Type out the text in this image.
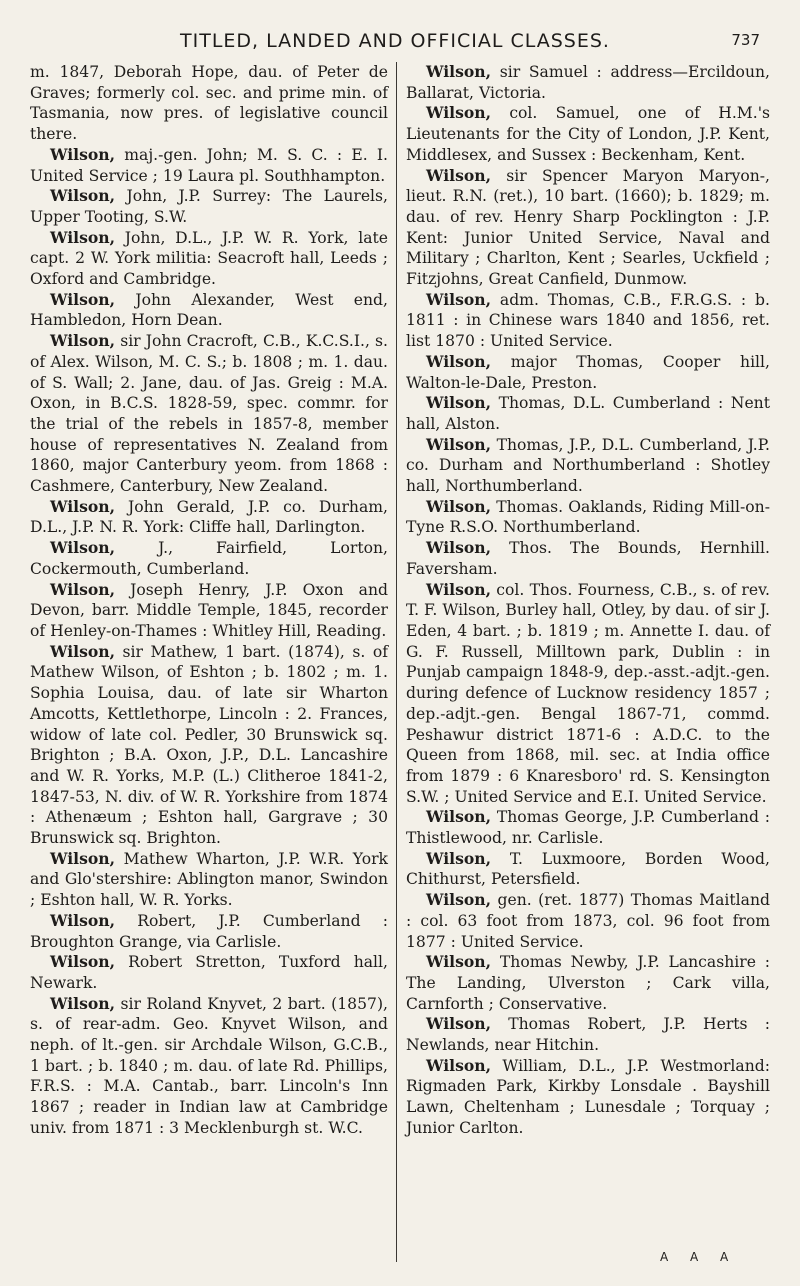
TITLED, LANDED AND OFFICIAL CLASSES.	737

m. 1847, Deborah Hope, dau. of Peter de Graves; formerly col. sec. and prime min. of Tasmania, now pres. of legislative council there.

Wilson, maj.-gen. John; M. S. C. : E. I. United Service ; 19 Laura pl. Southhampton.

Wilson, John, J.P. Surrey: The Laurels, Upper Tooting, S.W.

Wilson, John, D.L., J.P. W. R. York, late capt. 2 W. York militia: Seacroft hall, Leeds ; Oxford and Cambridge.

Wilson, John Alexander, West end, Hambledon, Horn Dean.

Wilson, sir John Cracroft, C.B., K.C.S.I., s. of Alex. Wilson, M. C. S.; b. 1808 ; m. 1. dau. of S. Wall; 2. Jane, dau. of Jas. Greig : M.A. Oxon, in B.C.S. 1828-59, spec. commr. for the trial of the rebels in 1857-8, member house of representatives N. Zealand from 1860, major Canterbury yeom. from 1868 : Cashmere, Canterbury, New Zealand.

Wilson, John Gerald, J.P. co. Durham, D.L., J.P. N. R. York: Cliffe hall, Darlington.

Wilson,	J., Fairfield, Lorton, Cockermouth, Cumberland.

Wilson, Joseph Henry, J.P. Oxon and Devon, barr. Middle Temple, 1845, recorder of Henley-on-Thames : Whitley Hill, Reading.

Wilson, sir Mathew, 1 bart. (1874), s. of Mathew Wilson, of Eshton ; b. 1802 ; m. 1. Sophia Louisa, dau. of late sir Wharton Amcotts, Kettlethorpe, Lincoln : 2. Frances, widow of late col. Pedler, 30 Brunswick sq. Brighton ; B.A. Oxon, J.P., D.L. Lancashire and W. R. Yorks, M.P. (L.) Clitheroe 1841-2, 1847-53, N. div. of W. R. Yorkshire from 1874 : Athenæum ; Eshton hall, Gargrave ; 30 Brunswick sq. Brighton.

Wilson, Mathew Wharton, J.P. W.R. York and Glo'stershire: Ablington manor, Swindon ; Eshton hall, W. R. Yorks.

Wilson, Robert, J.P. Cumberland : Broughton Grange, via Carlisle.

Wilson, Robert Stretton, Tuxford hall, Newark.

Wilson, sir Roland Knyvet, 2 bart. (1857), s. of rear-adm. Geo. Knyvet Wilson, and neph. of lt.-gen. sir Archdale Wilson, G.C.B., 1 bart. ; b. 1840 ; m. dau. of late Rd. Phillips, F.R.S. : M.A. Cantab., barr. Lincoln's Inn 1867 ; reader in Indian law at Cambridge univ. from 1871 : 3 Mecklenburgh st. W.C.

Wilson, sir Samuel : address—Ercildoun, Ballarat, Victoria.

Wilson, col. Samuel, one of H.M.'s Lieutenants for the City of London, J.P. Kent, Middlesex, and Sussex : Beckenham, Kent.

Wilson, sir Spencer Maryon Maryon-, lieut. R.N. (ret.), 10 bart. (1660); b. 1829; m. dau. of rev. Henry Sharp Pocklington : J.P. Kent: Junior United Service, Naval and Military ; Charlton, Kent ; Searles, Uckfield ; Fitzjohns, Great Canfield, Dunmow.

Wilson, adm. Thomas, C.B., F.R.G.S. : b. 1811 : in Chinese wars 1840 and 1856, ret. list 1870 : United Service.

Wilson, major Thomas, Cooper hill, Walton-le-Dale, Preston.

Wilson, Thomas, D.L. Cumberland : Nent hall, Alston.

Wilson, Thomas, J.P., D.L. Cumberland, J.P. co. Durham and Northumberland : Shotley hall, Northumberland.

Wilson, Thomas. Oaklands, Riding Mill-on-Tyne R.S.O. Northumberland.

Wilson, Thos. The Bounds, Hernhill. Faversham.

Wilson, col. Thos. Fourness, C.B., s. of rev. T. F. Wilson, Burley hall, Otley, by dau. of sir J. Eden, 4 bart. ; b. 1819 ; m. Annette I. dau. of G. F. Russell, Milltown park, Dublin : in Punjab campaign 1848-9, dep.-asst.-adjt.-gen. during defence of Lucknow residency 1857 ; dep.-adjt.-gen. Bengal 1867-71, commd. Peshawur district 1871-6 : A.D.C. to the Queen from 1868, mil. sec. at India office from 1879 : 6 Knaresboro' rd. S. Kensington S.W. ; United Service and E.I. United Service.

Wilson, Thomas George, J.P. Cumberland : Thistlewood, nr. Carlisle.

Wilson, T. Luxmoore, Borden Wood, Chithurst, Petersfield.

Wilson, gen. (ret. 1877) Thomas Maitland : col. 63 foot from 1873, col. 96 foot from 1877 : United Service.

Wilson, Thomas Newby, J.P. Lancashire : The Landing, Ulverston ; Cark villa, Carnforth ; Conservative.

Wilson, Thomas Robert, J.P. Herts : Newlands, near Hitchin.

Wilson, William, D.L., J.P. Westmorland: Rigmaden Park, Kirkby Lonsdale . Bayshill Lawn, Cheltenham ; Lunesdale ; Torquay ; Junior Carlton.

A A A
